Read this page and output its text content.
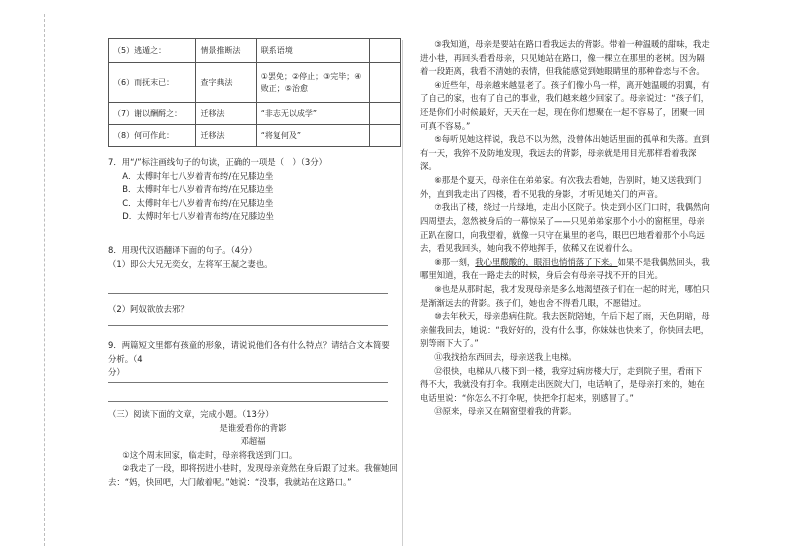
（5）逃遁之：	情景推断法	联系语境	
（6）而抚末已：	查字典法	①罢免；②停止；③完毕；④败正；⑤治愈	
（7）谢以酬酹之：	迁移法	“非志无以成学”	
（8）何可作此：	迁移法	“将复何及”	

7．用“/”标注画线句子的句读，正确的一项是（　）（3分）

A．太傅时年七八岁着青布绔/在兄膝边坐

B．太傅时年七八岁着青布绔/在兄膝边坐

C．太傅时年七八岁着青布绔/在兄膝边坐

D．太傅时年七八岁着青布绔/在兄膝边坐

8．用现代汉语翻译下面的句子。（4分）

（1）即公大兄无奕女，左将军王凝之妻也。

（2）阿奴欲放去邪？

9．两篇短文里都有孩童的形象，请说说他们各有什么特点？请结合文本简要分析。（4

分）

（三）阅读下面的文章，完成小题。（13分）

是谁爱看你的背影

邓超福

①这个周末回家，临走时，母亲将我送到门口。

②我走了一段，即将拐进小巷时，发现母亲竟然在身后跟了过来。我催她回去：“妈，快回吧，大门敞着呢。”她说：“没事，我就站在这路口。”

③我知道，母亲是要站在路口看我远去的背影。带着一种温暖的甜味，我走进小巷，再回头看看母亲，只见她站在路口，像一棵立在那里的老树。因为隔着一段距离，我看不清她的表情，但我能感觉到她眼睛里的那种眷恋与不舍。

④近些年，母亲越来越显老了。孩子们像小鸟一样，离开她温暖的羽翼，有了自己的家，也有了自己的事业，我们越来越少回家了。母亲说过：“孩子们，还是你们小时候最好，天天在一起，现在你们想聚在一起不容易了，团聚一回可真不容易。”

⑤每听见她这样说，我总不以为然，没曾体出她话里面的孤单和失落。直到有一天，我猝不及防地发现，我远去的背影，母亲就是用目光那样看着我深深。

⑥那是个夏天，母亲住在弟弟家。有次我去看她，告别时，她又送我到门外，直到我走出了四楼，看不见我的身影，才听见她关门的声音。

⑦我出了楼，绕过一片绿地，走出小区院子。快走到小区门口时，我偶然向四周望去，忽然被身后的一幕惊呆了——只见弟弟家那个小小的窗框里，母亲正趴在窗口，向我望着，就像一只守在巢里的老鸟，眼巴巴地看着那个小鸟远去，看见我回头，她向我不停地挥手，依稀又在说着什么。

⑧那一刻，我心里酸酸的，眼泪也悄悄落了下来。如果不是我偶然回头，我哪里知道，我在一路走去的时候，身后会有母亲寻找不开的目光。

⑨也是从那时起，我才发现母亲是多么地渴望孩子们在一起的时光，哪怕只是渐渐远去的背影。孩子们，她也舍不得看几眼，不愿错过。

⑩去年秋天，母亲患病住院。我去医院陪她，午后下起了雨，天色阴暗，母亲催我回去，她说：“我好好的，没有什么事，你妹妹也快来了，你快回去吧，别等雨下大了。”

⑪我找拾东西回去，母亲送我上电梯。

⑫很快，电梯从八楼下到一楼，我穿过病房楼大厅，走到院子里，看雨下得不大，我就没有打伞。我刚走出医院大门，电话响了，是母亲打来的，她在电话里说：“你怎么不打伞呢，快把伞打起来，别感冒了。”

⑬原来，母亲又在隔窗望着我的背影。
